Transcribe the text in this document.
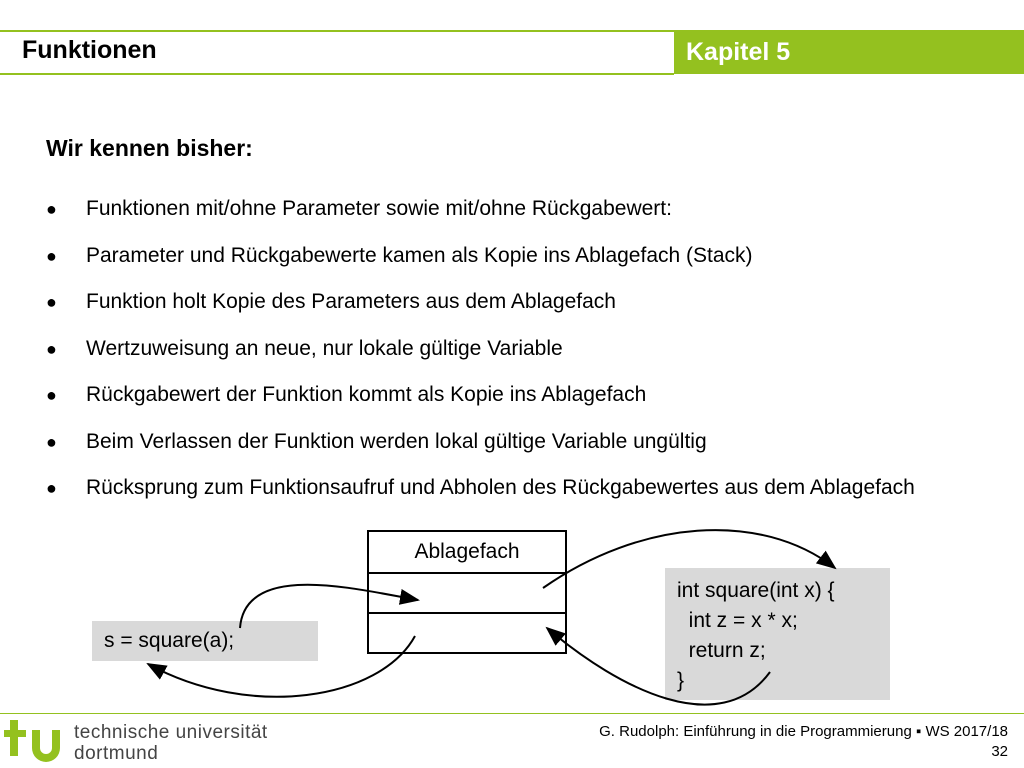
Funktionen	Kapitel 5
Wir kennen bisher:
● Funktionen mit/ohne Parameter sowie mit/ohne Rückgabewert:
● Parameter und Rückgabewerte kamen als Kopie ins Ablagefach (Stack)
● Funktion holt Kopie des Parameters aus dem Ablagefach
● Wertzuweisung an neue, nur lokale gültige Variable
● Rückgabewert der Funktion kommt als Kopie ins Ablagefach
● Beim Verlassen der Funktion werden lokal gültige Variable ungültig
● Rücksprung zum Funktionsaufruf und Abholen des Rückgabewertes aus dem Ablagefach
Ablagefach
int square(int x) {
int z = x * x;
return z;
}
s = square(a);
technische universität
dortmund
G. Rudolph: Einführung in die Programmierung ▪ WS 2017/18
32
